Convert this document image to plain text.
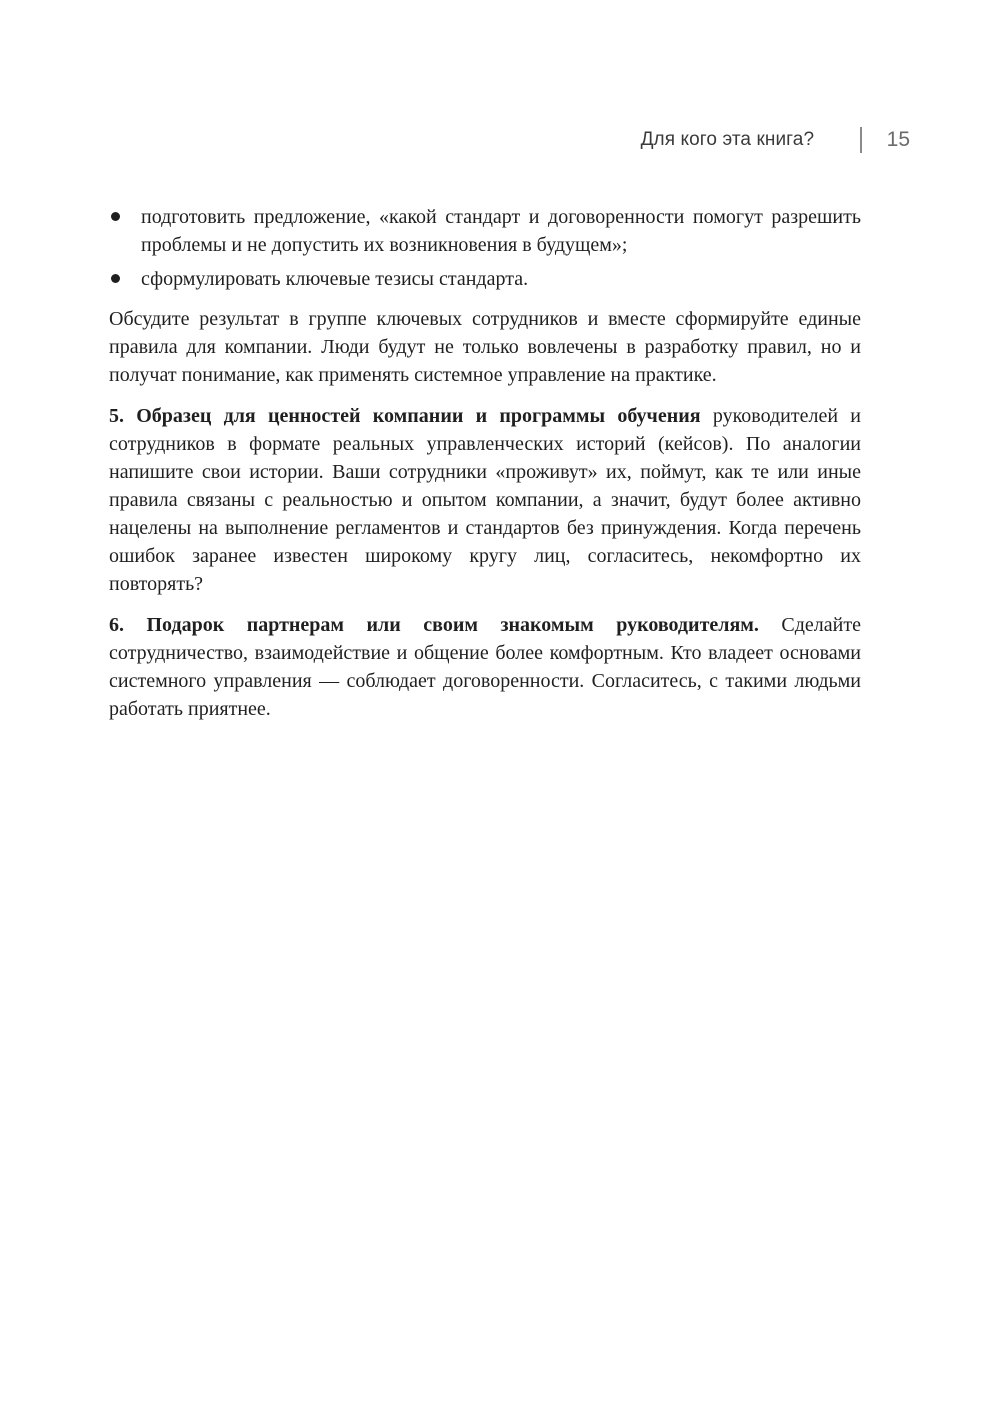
Для кого эта книга?	15
подготовить предложение, «какой стандарт и договоренности помогут разрешить проблемы и не допустить их возникновения в будущем»;
сформулировать ключевые тезисы стандарта.

Обсудите результат в группе ключевых сотрудников и вместе сформируйте единые правила для компании. Люди будут не только вовлечены в разработку правил, но и получат понимание, как применять системное управление на практике.

5. Образец для ценностей компании и программы обучения руководителей и сотрудников в формате реальных управленческих историй (кейсов). По аналогии напишите свои истории. Ваши сотрудники «проживут» их, поймут, как те или иные правила связаны с реальностью и опытом компании, а значит, будут более активно нацелены на выполнение регламентов и стандартов без принуждения. Когда перечень ошибок заранее известен широкому кругу лиц, согласитесь, некомфортно их повторять?

6. Подарок партнерам или своим знакомым руководителям. Сделайте сотрудничество, взаимодействие и общение более комфортным. Кто владеет основами системного управления — соблюдает договоренности. Согласитесь, с такими людьми работать приятнее.
